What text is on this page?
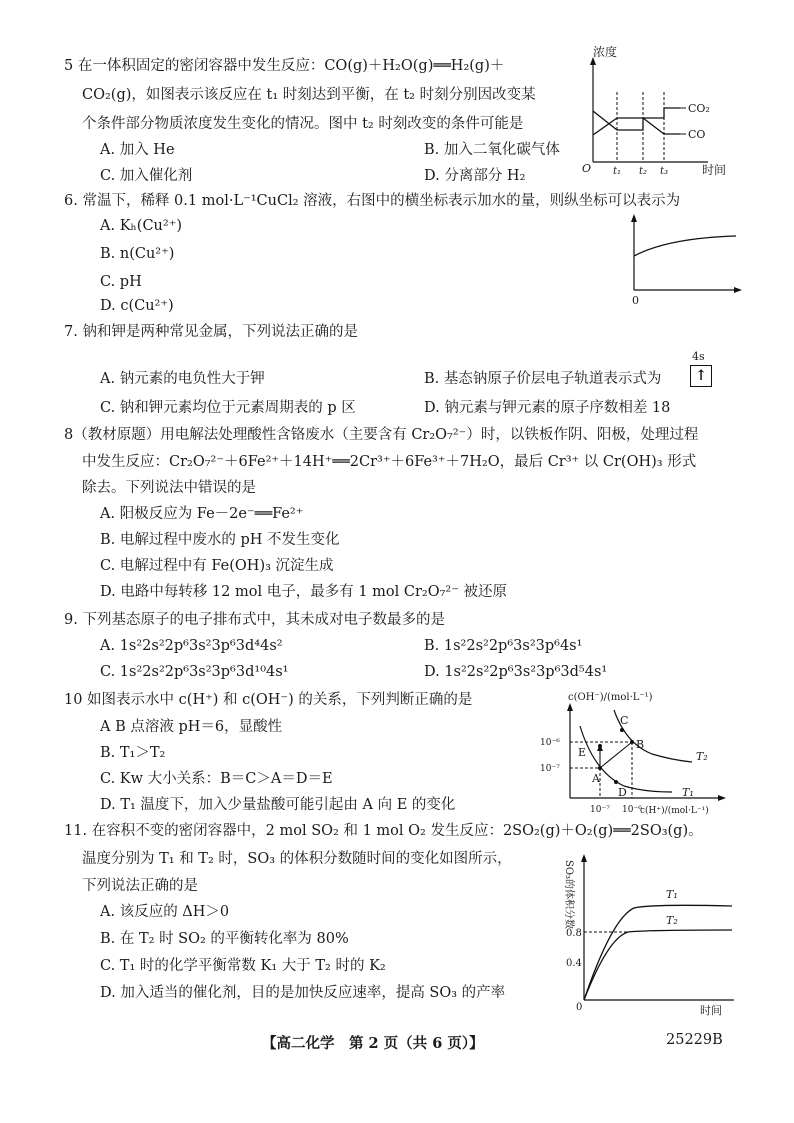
5 在一体积固定的密闭容器中发生反应：CO(g)＋H₂O(g)══H₂(g)＋
CO₂(g)，如图表示该反应在 t₁ 时刻达到平衡，在 t₂ 时刻分别因改变某
个条件部分物质浓度发生变化的情况。图中 t₂ 时刻改变的条件可能是
A. 加入 He	B. 加入二氧化碳气体
C. 加入催化剂	D. 分离部分 H₂
浓度
O
CO₂
CO
t₁ t₂ t₃	时间
6. 常温下，稀释 0.1 mol·L⁻¹CuCl₂ 溶液，右图中的横坐标表示加水的量，则纵坐标可以表示为
A. Kₕ(Cu²⁺)
B. n(Cu²⁺)
C. pH
D. c(Cu²⁺)	0
7. 钠和钾是两种常见金属，下列说法正确的是
A. 钠元素的电负性大于钾	B. 基态钠原子价层电子轨道表示式为
4s
↑
C. 钠和钾元素均位于元素周期表的 p 区	D. 钠元素与钾元素的原子序数相差 18
8（教材原题）用电解法处理酸性含铬废水（主要含有 Cr₂O₇²⁻）时，以铁板作阴、阳极，处理过程
中发生反应：Cr₂O₇²⁻＋6Fe²⁺＋14H⁺══2Cr³⁺＋6Fe³⁺＋7H₂O，最后 Cr³⁺ 以 Cr(OH)₃ 形式
除去。下列说法中错误的是
A. 阳极反应为 Fe－2e⁻══Fe²⁺
B. 电解过程中废水的 pH 不发生变化
C. 电解过程中有 Fe(OH)₃ 沉淀生成
D. 电路中每转移 12 mol 电子，最多有 1 mol Cr₂O₇²⁻ 被还原
9. 下列基态原子的电子排布式中，其未成对电子数最多的是
A. 1s²2s²2p⁶3s²3p⁶3d⁴4s²	B. 1s²2s²2p⁶3s²3p⁶4s¹
C. 1s²2s²2p⁶3s²3p⁶3d¹⁰4s¹	D. 1s²2s²2p⁶3s²3p⁶3d⁵4s¹
10 如图表示水中 c(H⁺) 和 c(OH⁻) 的关系，下列判断正确的是
A B 点溶液 pH＝6，显酸性
B. T₁＞T₂
C. Kw 大小关系：B＝C＞A＝D＝E
D. T₁ 温度下，加入少量盐酸可能引起由 A 向 E 的变化
c(OH⁻)/(mol·L⁻¹)
10⁻⁶
10⁻⁷
10⁻⁷ 10⁻⁶
c(H⁺)/(mol·L⁻¹)
A
B
C
D
E
T₁
T₂
11. 在容积不变的密闭容器中，2 mol SO₂ 和 1 mol O₂ 发生反应：2SO₂(g)＋O₂(g)══2SO₃(g)。
温度分别为 T₁ 和 T₂ 时，SO₃ 的体积分数随时间的变化如图所示，
下列说法正确的是
A. 该反应的 ΔH＞0
B. 在 T₂ 时 SO₂ 的平衡转化率为 80%
C. T₁ 时的化学平衡常数 K₁ 大于 T₂ 时的 K₂
D. 加入适当的催化剂，目的是加快反应速率，提高 SO₃ 的产率
SO₃的体积分数
0.8
0.4
0
T₁
T₂
时间
【高二化学　第 2 页（共 6 页）】	25229B
